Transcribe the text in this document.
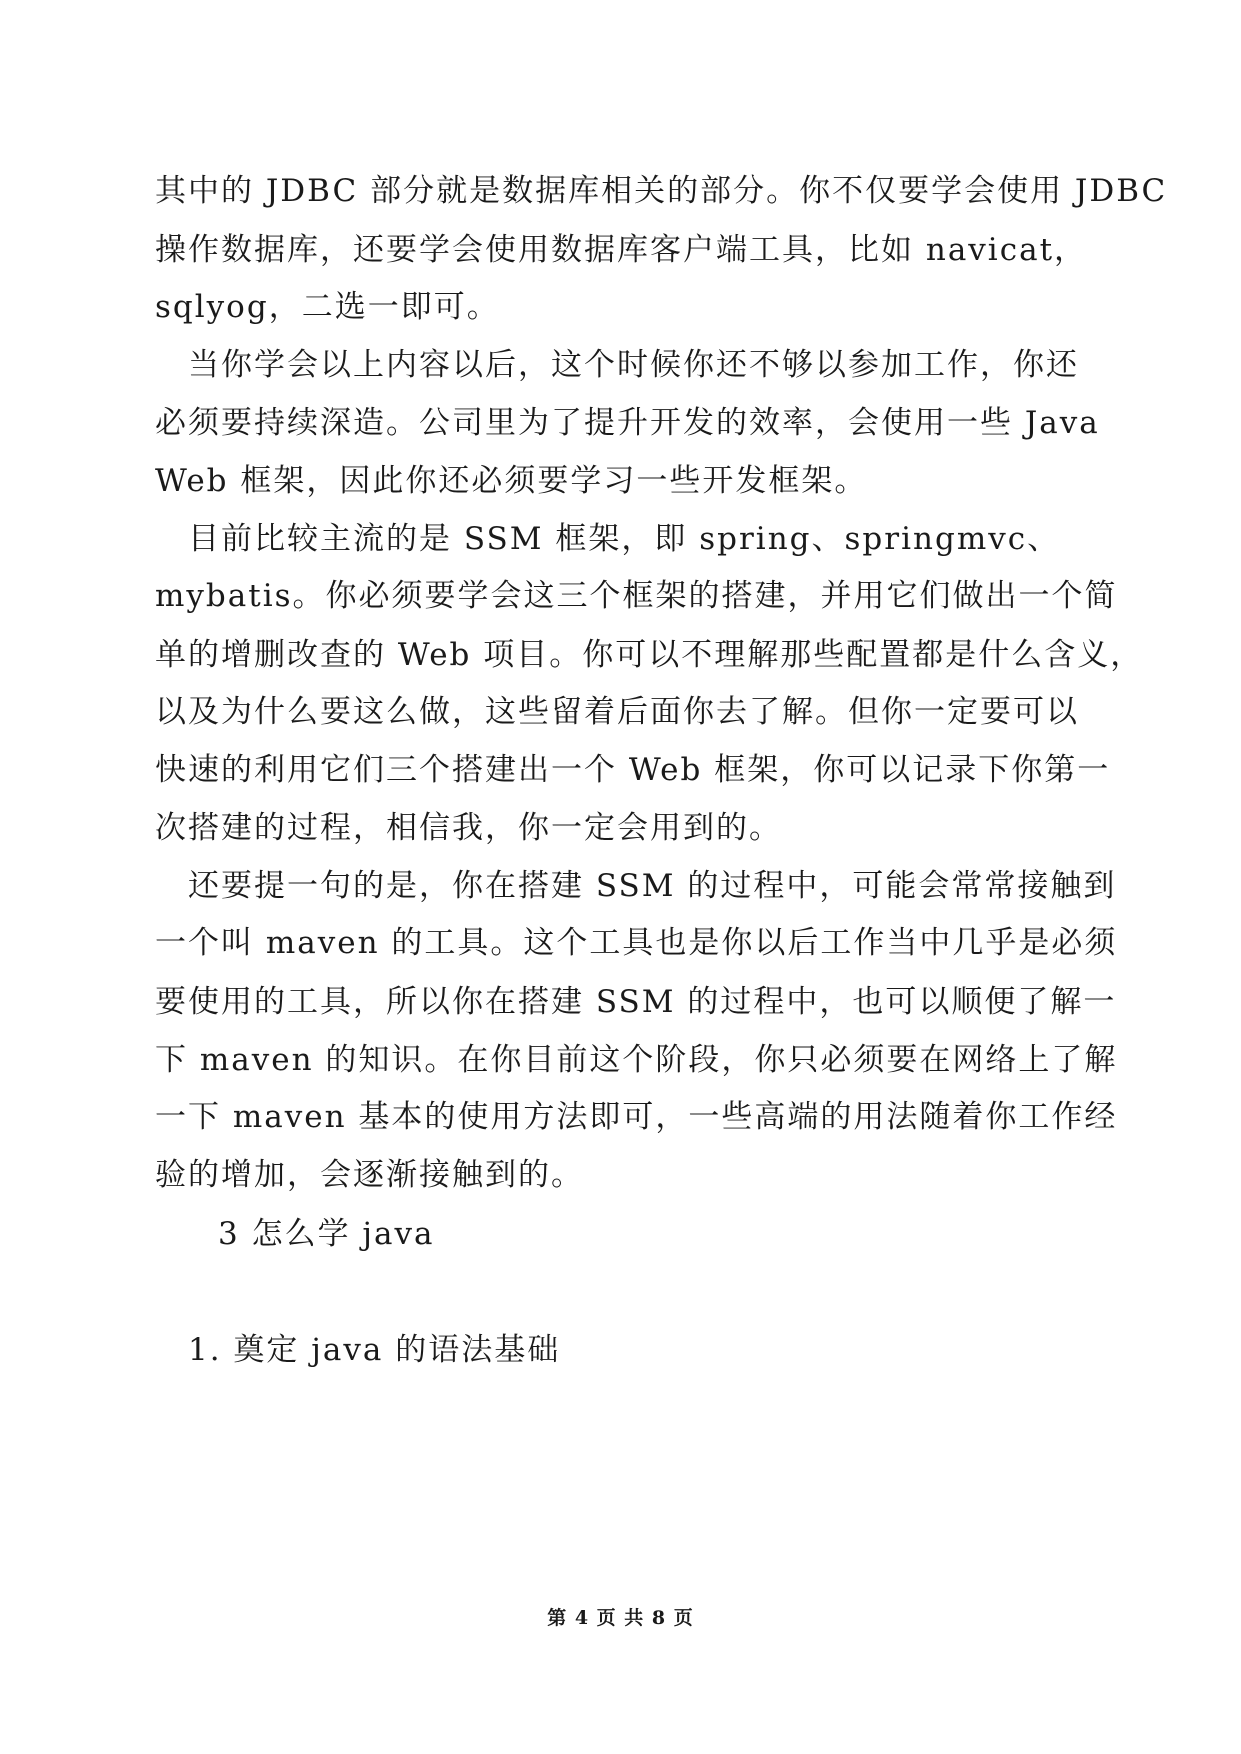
其中的 JDBC 部分就是数据库相关的部分。你不仅要学会使用 JDBC
操作数据库，还要学会使用数据库客户端工具，比如 navicat，
sqlyog，二选一即可。
当你学会以上内容以后，这个时候你还不够以参加工作，你还
必须要持续深造。公司里为了提升开发的效率，会使用一些 Java
Web 框架，因此你还必须要学习一些开发框架。
目前比较主流的是 SSM 框架，即 spring、springmvc、
mybatis。你必须要学会这三个框架的搭建，并用它们做出一个简
单的增删改查的 Web 项目。你可以不理解那些配置都是什么含义，
以及为什么要这么做，这些留着后面你去了解。但你一定要可以
快速的利用它们三个搭建出一个 Web 框架，你可以记录下你第一
次搭建的过程，相信我，你一定会用到的。
还要提一句的是，你在搭建 SSM 的过程中，可能会常常接触到
一个叫 maven 的工具。这个工具也是你以后工作当中几乎是必须
要使用的工具，所以你在搭建 SSM 的过程中，也可以顺便了解一
下 maven 的知识。在你目前这个阶段，你只必须要在网络上了解
一下 maven 基本的使用方法即可，一些高端的用法随着你工作经
验的增加，会逐渐接触到的。
3 怎么学 java
1. 奠定 java 的语法基础
第 4 页 共 8 页
